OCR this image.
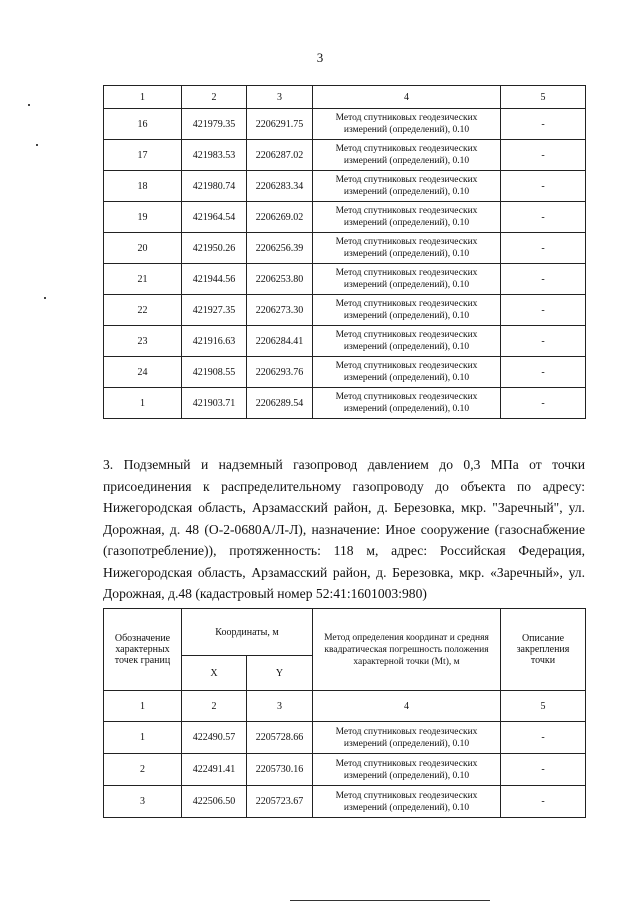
3
1	2	3	4	5
16	421979.35	2206291.75	Метод спутниковых геодезических измерений (определений), 0.10	-
17	421983.53	2206287.02	Метод спутниковых геодезических измерений (определений), 0.10	-
18	421980.74	2206283.34	Метод спутниковых геодезических измерений (определений), 0.10	-
19	421964.54	2206269.02	Метод спутниковых геодезических измерений (определений), 0.10	-
20	421950.26	2206256.39	Метод спутниковых геодезических измерений (определений), 0.10	-
21	421944.56	2206253.80	Метод спутниковых геодезических измерений (определений), 0.10	-
22	421927.35	2206273.30	Метод спутниковых геодезических измерений (определений), 0.10	-
23	421916.63	2206284.41	Метод спутниковых геодезических измерений (определений), 0.10	-
24	421908.55	2206293.76	Метод спутниковых геодезических измерений (определений), 0.10	-
1	421903.71	2206289.54	Метод спутниковых геодезических измерений (определений), 0.10	-
3. Подземный и надземный газопровод давлением до 0,3 МПа от точки присоединения к распределительному газопроводу до объекта по адресу: Нижегородская область, Арзамасский район, д. Березовка, мкр. "Заречный", ул. Дорожная, д. 48 (О-2-0680А/Л-Л), назначение: Иное сооружение (газоснабжение (газопотребление)), протяженность: 118 м, адрес: Российская Федерация, Нижегородская область, Арзамасский район, д. Березовка, мкр. «Заречный», ул. Дорожная, д.48 (кадастровый номер 52:41:1601003:980)
Обозначение характерных точек границ	Координаты, м		Метод определения координат и средняя квадратическая погрешность положения характерной точки (Mt), м	Описание закрепления точки
	X	Y		
1	2	3	4	5
1	422490.57	2205728.66	Метод спутниковых геодезических измерений (определений), 0.10	-
2	422491.41	2205730.16	Метод спутниковых геодезических измерений (определений), 0.10	-
3	422506.50	2205723.67	Метод спутниковых геодезических измерений (определений), 0.10	-
